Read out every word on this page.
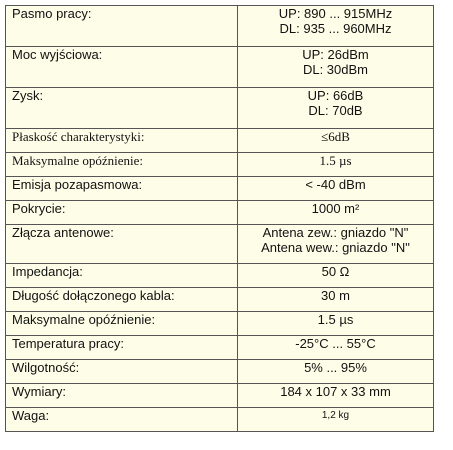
Pasmo pracy:	UP: 890 ... 915MHz
DL: 935 ... 960MHz

Moc wyjściowa:	UP: 26dBm
DL: 30dBm

Zysk:	UP: 66dB
DL: 70dB

Płaskość charakterystyki:	≤6dB

Maksymalne opóźnienie:	1.5 µs

Emisja pozapasmowa:	< -40 dBm

Pokrycie:	1000 m²

Złącza antenowe:	Antena zew.: gniazdo "N"
Antena wew.: gniazdo "N"

Impedancja:	50 Ω

Długość dołączonego kabla:	30 m

Maksymalne opóźnienie:	1.5 µs

Temperatura pracy:	-25°C ... 55°C

Wilgotność:	5% ... 95%

Wymiary:	184 x 107 x 33 mm

Waga:	1,2 kg
